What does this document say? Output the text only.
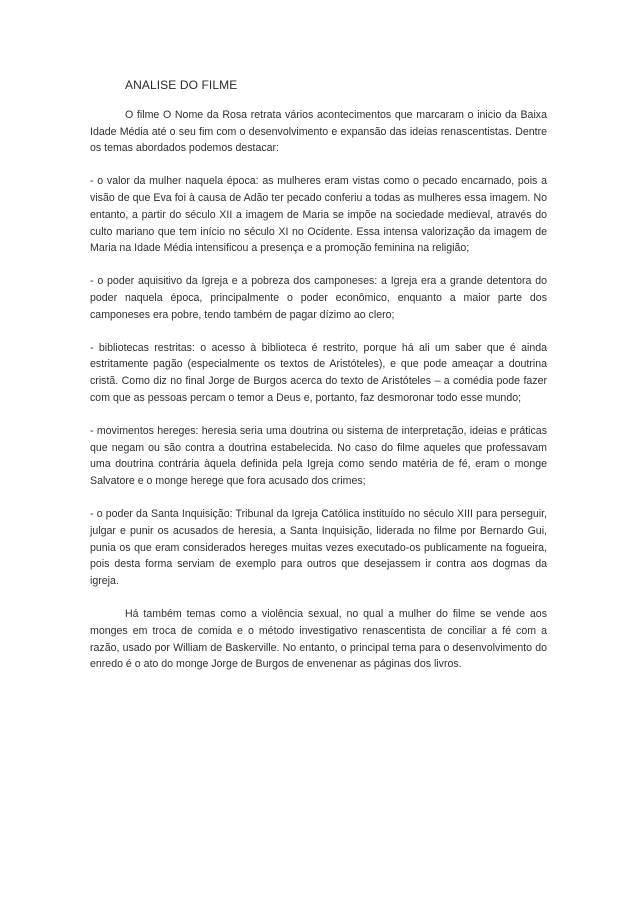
ANALISE DO FILME

O filme O Nome da Rosa retrata vários acontecimentos que marcaram o inicio da Baixa Idade Média até o seu fim com o desenvolvimento e expansão das ideias renascentistas. Dentre os temas abordados podemos destacar:

- o valor da mulher naquela época: as mulheres eram vistas como o pecado encarnado, pois a visão de que Eva foi à causa de Adão ter pecado conferiu a todas as mulheres essa imagem. No entanto, a partir do século XII a imagem de Maria se impõe na sociedade medieval, através do culto mariano que tem início no século XI no Ocidente. Essa intensa valorização da imagem de Maria na Idade Média intensificou a presença e a promoção feminina na religião;

- o poder aquisitivo da Igreja e a pobreza dos camponeses: a Igreja era a grande detentora do poder naquela época, principalmente o poder econômico, enquanto a maior parte dos camponeses era pobre, tendo também de pagar dízimo ao clero;

- bibliotecas restritas: o acesso à biblioteca é restrito, porque há ali um saber que é ainda estritamente pagão (especialmente os textos de Aristóteles), e que pode ameaçar a doutrina cristã. Como diz no final Jorge de Burgos acerca do texto de Aristóteles – a comédia pode fazer com que as pessoas percam o temor a Deus e, portanto, faz desmoronar todo esse mundo;

- movimentos hereges: heresia seria uma doutrina ou sistema de interpretação, ideias e práticas que negam ou são contra a doutrina estabelecida. No caso do filme aqueles que professavam uma doutrina contrária àquela definida pela Igreja como sendo matéria de fé, eram o monge Salvatore e o monge herege que fora acusado dos crimes;

- o poder da Santa Inquisição: Tribunal da Igreja Católica instituído no século XIII para perseguir, julgar e punir os acusados de heresia, a Santa Inquisição, liderada no filme por Bernardo Gui, punia os que eram considerados hereges muitas vezes executado-os publicamente na fogueira, pois desta forma serviam de exemplo para outros que desejassem ir contra aos dogmas da igreja.

Há também temas como a violência sexual, no qual a mulher do filme se vende aos monges em troca de comida e o método investigativo renascentista de conciliar a fé com a razão, usado por William de Baskerville. No entanto, o principal tema para o desenvolvimento do enredo é o ato do monge Jorge de Burgos de envenenar as páginas dos livros.
